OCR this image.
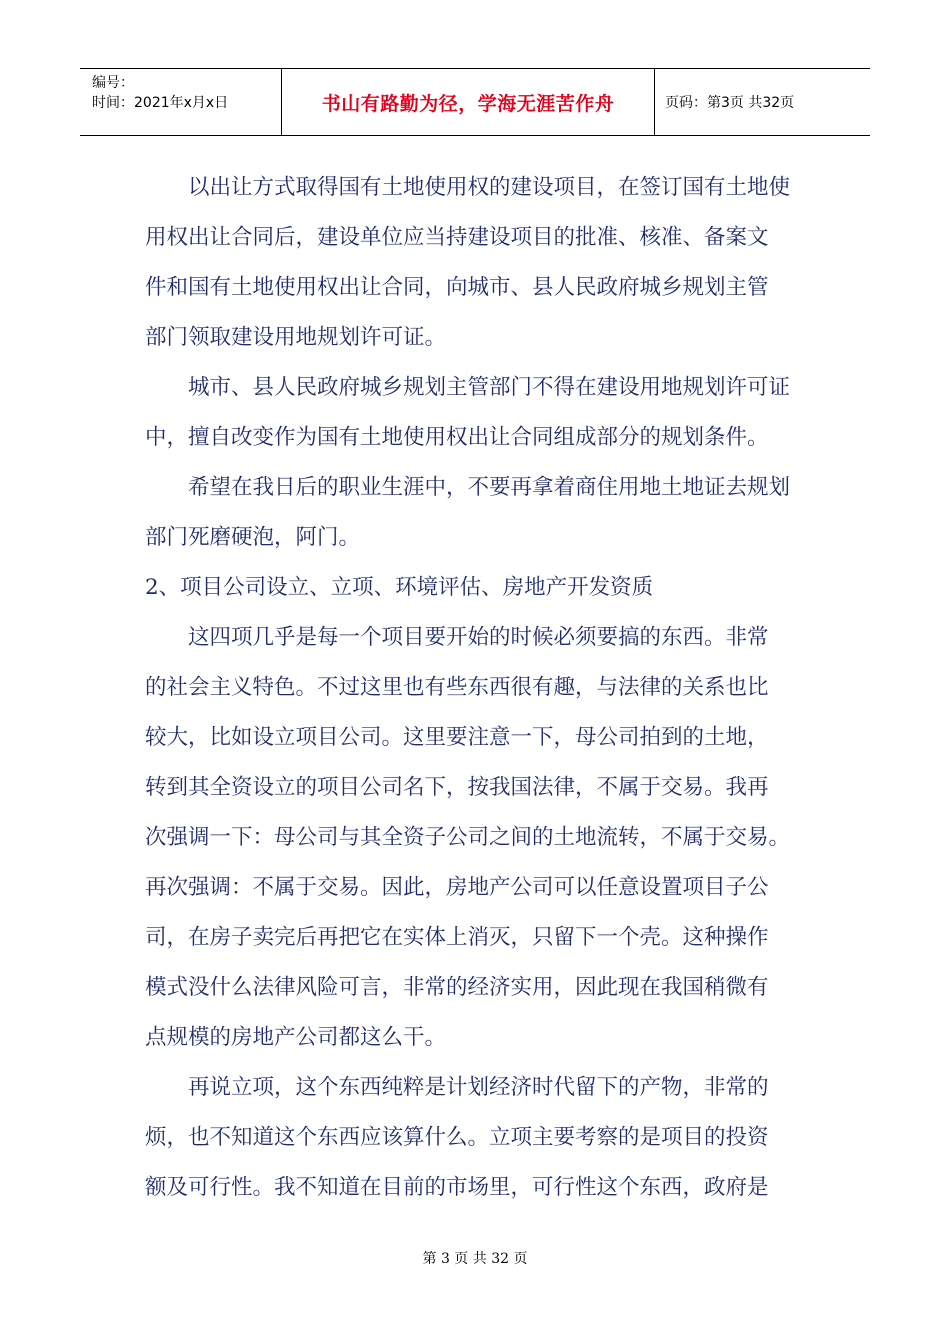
编号：
时间：2021年x月x日	书山有路勤为径，学海无涯苦作舟	页码：第3页 共32页
　　以出让方式取得国有土地使用权的建设项目，在签订国有土地使
用权出让合同后，建设单位应当持建设项目的批准、核准、备案文
件和国有土地使用权出让合同，向城市、县人民政府城乡规划主管
部门领取建设用地规划许可证。
　　城市、县人民政府城乡规划主管部门不得在建设用地规划许可证
中，擅自改变作为国有土地使用权出让合同组成部分的规划条件。
　　希望在我日后的职业生涯中，不要再拿着商住用地土地证去规划
部门死磨硬泡，阿门。
2、项目公司设立、立项、环境评估、房地产开发资质
　　这四项几乎是每一个项目要开始的时候必须要搞的东西。非常
的社会主义特色。不过这里也有些东西很有趣，与法律的关系也比
较大，比如设立项目公司。这里要注意一下，母公司拍到的土地，
转到其全资设立的项目公司名下，按我国法律，不属于交易。我再
次强调一下：母公司与其全资子公司之间的土地流转，不属于交易。
再次强调：不属于交易。因此，房地产公司可以任意设置项目子公
司，在房子卖完后再把它在实体上消灭，只留下一个壳。这种操作
模式没什么法律风险可言，非常的经济实用，因此现在我国稍微有
点规模的房地产公司都这么干。
　　再说立项，这个东西纯粹是计划经济时代留下的产物，非常的
烦，也不知道这个东西应该算什么。立项主要考察的是项目的投资
额及可行性。我不知道在目前的市场里，可行性这个东西，政府是
第 3 页 共 32 页
